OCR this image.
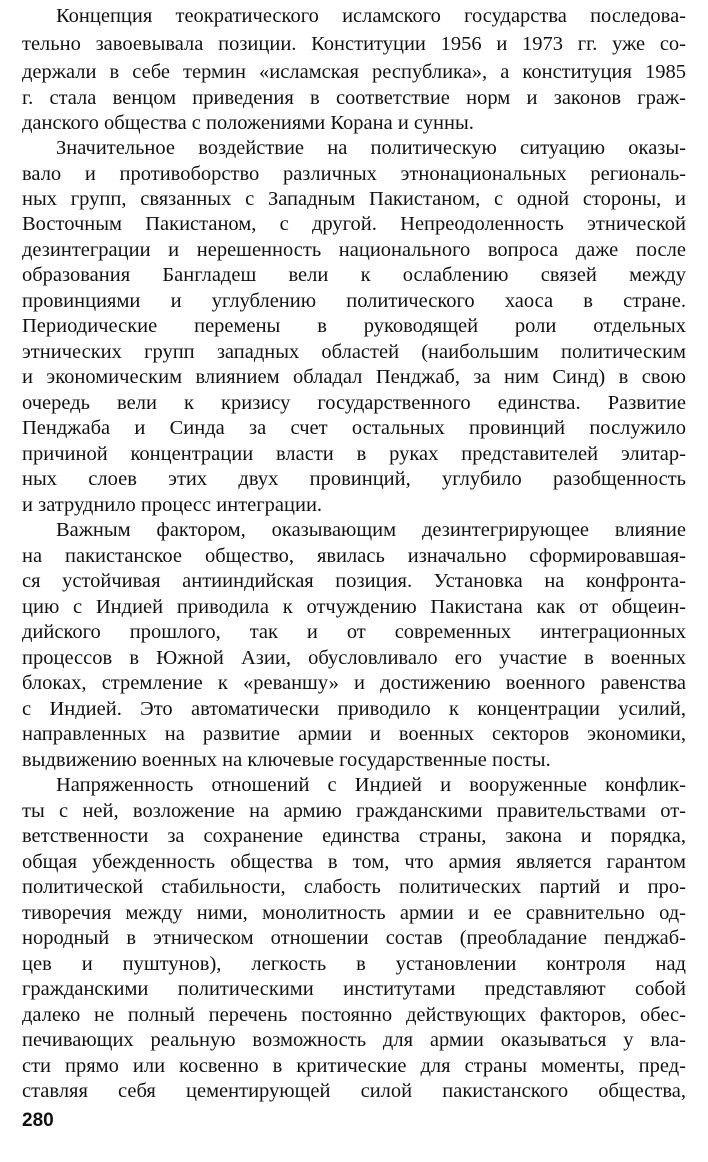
Концепция теократического исламского государства последова-
тельно завоевывала позиции. Конституции 1956 и 1973 гг. уже со-
держали в себе термин «исламская республика», а конституция 1985
г. стала венцом приведения в соответствие норм и законов граж-
данского общества с положениями Корана и сунны.
Значительное воздействие на политическую ситуацию оказы-
вало и противоборство различных этнонациональных региональ-
ных групп, связанных с Западным Пакистаном, с одной стороны, и
Восточным Пакистаном, с другой. Непреодоленность этнической
дезинтеграции и нерешенность национального вопроса даже после
образования Бангладеш вели к ослаблению связей между
провинциями и углублению политического хаоса в стране.
Периодические перемены в руководящей роли отдельных
этнических групп западных областей (наибольшим политическим
и экономическим влиянием обладал Пенджаб, за ним Синд) в свою
очередь вели к кризису государственного единства. Развитие
Пенджаба и Синда за счет остальных провинций послужило
причиной концентрации власти в руках представителей элитар-
ных слоев этих двух провинций, углубило разобщенность
и затруднило процесс интеграции.
Важным фактором, оказывающим дезинтегрирующее влияние
на пакистанское общество, явилась изначально сформировавшая-
ся устойчивая антииндийская позиция. Установка на конфронта-
цию с Индией приводила к отчуждению Пакистана как от общеин-
дийского прошлого, так и от современных интеграционных
процессов в Южной Азии, обусловливало его участие в военных
блоках, стремление к «реваншу» и достижению военного равенства
с Индией. Это автоматически приводило к концентрации усилий,
направленных на развитие армии и военных секторов экономики,
выдвижению военных на ключевые государственные посты.
Напряженность отношений с Индией и вооруженные конфлик-
ты с ней, возложение на армию гражданскими правительствами от-
ветственности за сохранение единства страны, закона и порядка,
общая убежденность общества в том, что армия является гарантом
политической стабильности, слабость политических партий и про-
тиворечия между ними, монолитность армии и ее сравнительно од-
нородный в этническом отношении состав (преобладание пенджаб-
цев и пуштунов), легкость в установлении контроля над
гражданскими политическими институтами представляют собой
далеко не полный перечень постоянно действующих факторов, обес-
печивающих реальную возможность для армии оказываться у вла-
сти прямо или косвенно в критические для страны моменты, пред-
ставляя себя цементирующей силой пакистанского общества,
280
